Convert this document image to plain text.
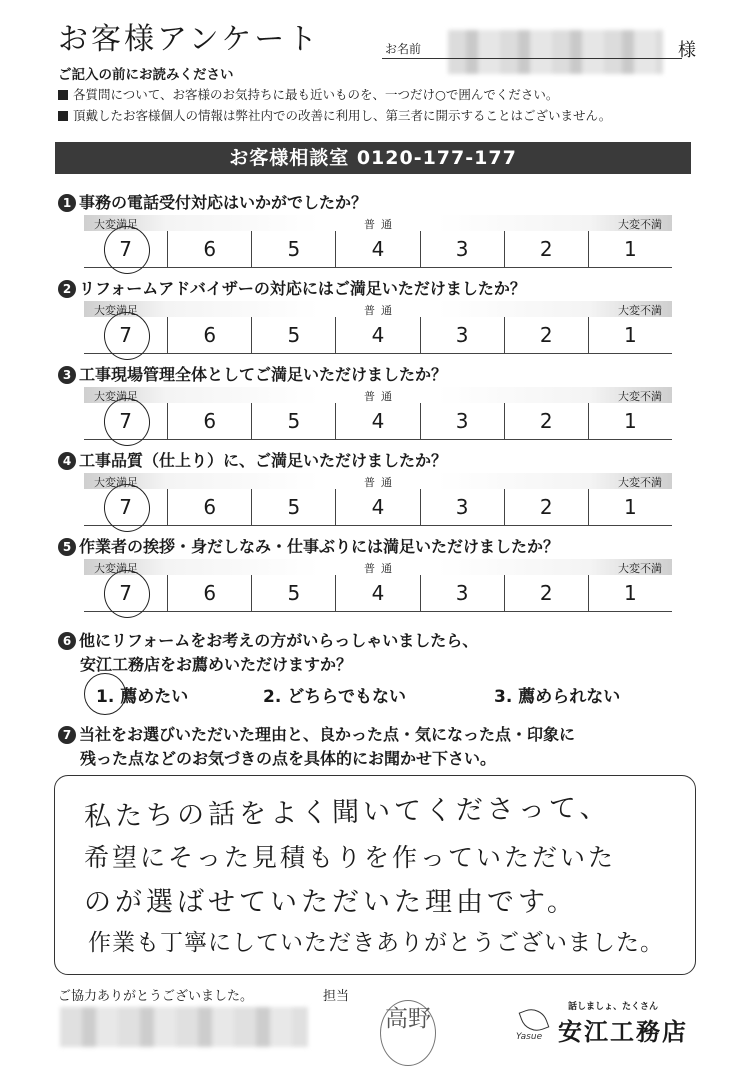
お客様アンケート	お名前	様
ご記入の前にお読みください
各質問について、お客様のお気持ちに最も近いものを、一つだけ○で囲んでください。
頂戴したお客様個人の情報は弊社内での改善に利用し、第三者に開示することはございません。
お客様相談室 0120-177-177
1 事務の電話受付対応はいかがでしたか？
大変満足	普通	大変不満
7	6	5	4	3	2	1
2 リフォームアドバイザーの対応にはご満足いただけましたか？
大変満足	普通	大変不満
7	6	5	4	3	2	1
3 工事現場管理全体としてご満足いただけましたか？
大変満足	普通	大変不満
7	6	5	4	3	2	1
4 工事品質（仕上り）に、ご満足いただけましたか？
大変満足	普通	大変不満
7	6	5	4	3	2	1
5 作業者の挨拶・身だしなみ・仕事ぶりには満足いただけましたか？
大変満足	普通	大変不満
7	6	5	4	3	2	1
6 他にリフォームをお考えの方がいらっしゃいましたら、
安江工務店をお薦めいただけますか？
1. 薦めたい	2. どちらでもない	3. 薦められない
7 当社をお選びいただいた理由と、良かった点・気になった点・印象に
残った点などのお気づきの点を具体的にお聞かせ下さい。
私たちの話をよく聞いてくださって、
希望にそった見積もりを作っていただいた
のが選ばせていただいた理由です。
作業も丁寧にしていただきありがとうございました。
ご協力ありがとうございました。	担当
高野	話しましょ、たくさん
Yasue 安江工務店
